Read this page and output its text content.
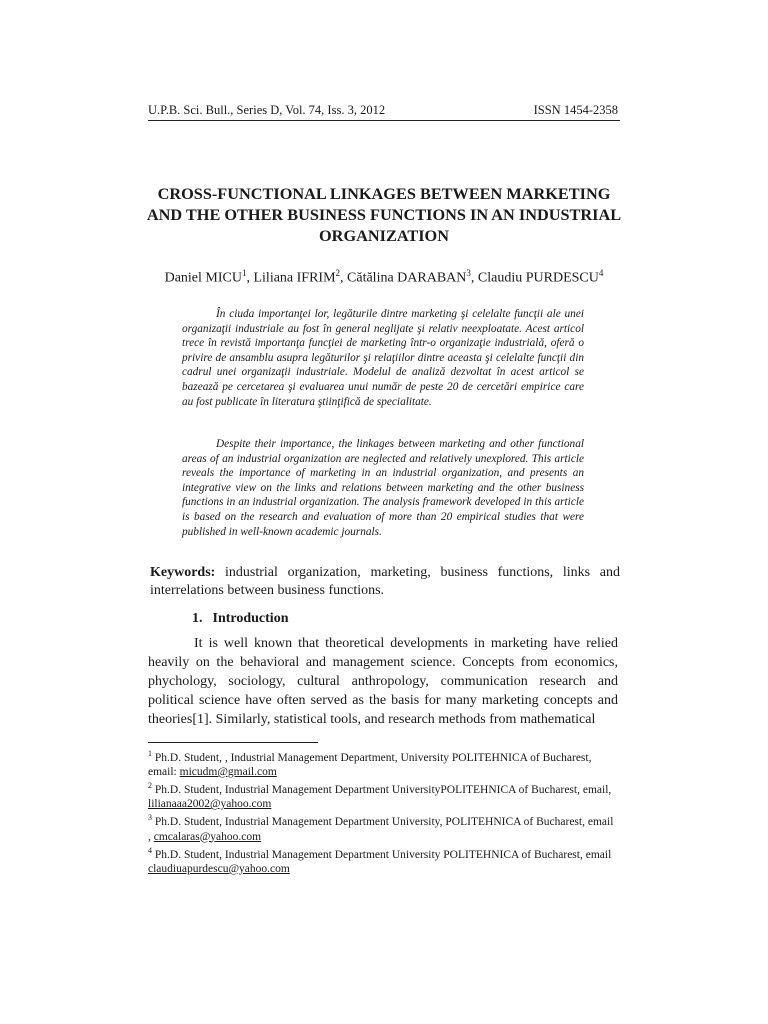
U.P.B. Sci. Bull., Series D, Vol. 74, Iss. 3, 2012	ISSN 1454-2358
CROSS-FUNCTIONAL LINKAGES BETWEEN MARKETING AND THE OTHER BUSINESS FUNCTIONS IN AN INDUSTRIAL ORGANIZATION
Daniel MICU$^1$, Liliana IFRIM$^2$, Cătălina DARABAN$^3$, Claudiu PURDESCU$^4$
În ciuda importanţei lor, legăturile dintre marketing şi celelalte funcţii ale unei organizaţii industriale au fost în general neglijate şi relativ neexploatate. Acest articol trece în revistă importanţa funcţiei de marketing într-o organizaţie industrială, oferă o privire de ansamblu asupra legăturilor şi relaţiilor dintre aceasta şi celelalte funcţii din cadrul unei organizaţii industriale. Modelul de analiză dezvoltat în acest articol se bazează pe cercetarea şi evaluarea unui număr de peste 20 de cercetări empirice care au fost publicate în literatura ştiinţifică de specialitate.
Despite their importance, the linkages between marketing and other functional areas of an industrial organization are neglected and relatively unexplored. This article reveals the importance of marketing in an industrial organization, and presents an integrative view on the links and relations between marketing and the other business functions in an industrial organization. The analysis framework developed in this article is based on the research and evaluation of more than 20 empirical studies that were published in well-known academic journals.
Keywords: industrial organization, marketing, business functions, links and interrelations between business functions.
1. Introduction
It is well known that theoretical developments in marketing have relied heavily on the behavioral and management science. Concepts from economics, phychology, sociology, cultural anthropology, communication research and political science have often served as the basis for many marketing concepts and theories[1]. Similarly, statistical tools, and research methods from mathematical

$^1$ Ph.D. Student, , Industrial Management Department, University POLITEHNICA of Bucharest, email: micudm@gmail.com

$^2$ Ph.D. Student, Industrial Management Department UniversityPOLITEHNICA of Bucharest, email, lilianaaa2002@yahoo.com

$^3$ Ph.D. Student, Industrial Management Department University, POLITEHNICA of Bucharest, email , cmcalaras@yahoo.com

$^4$ Ph.D. Student, Industrial Management Department University POLITEHNICA of Bucharest, email claudiuapurdescu@yahoo.com
